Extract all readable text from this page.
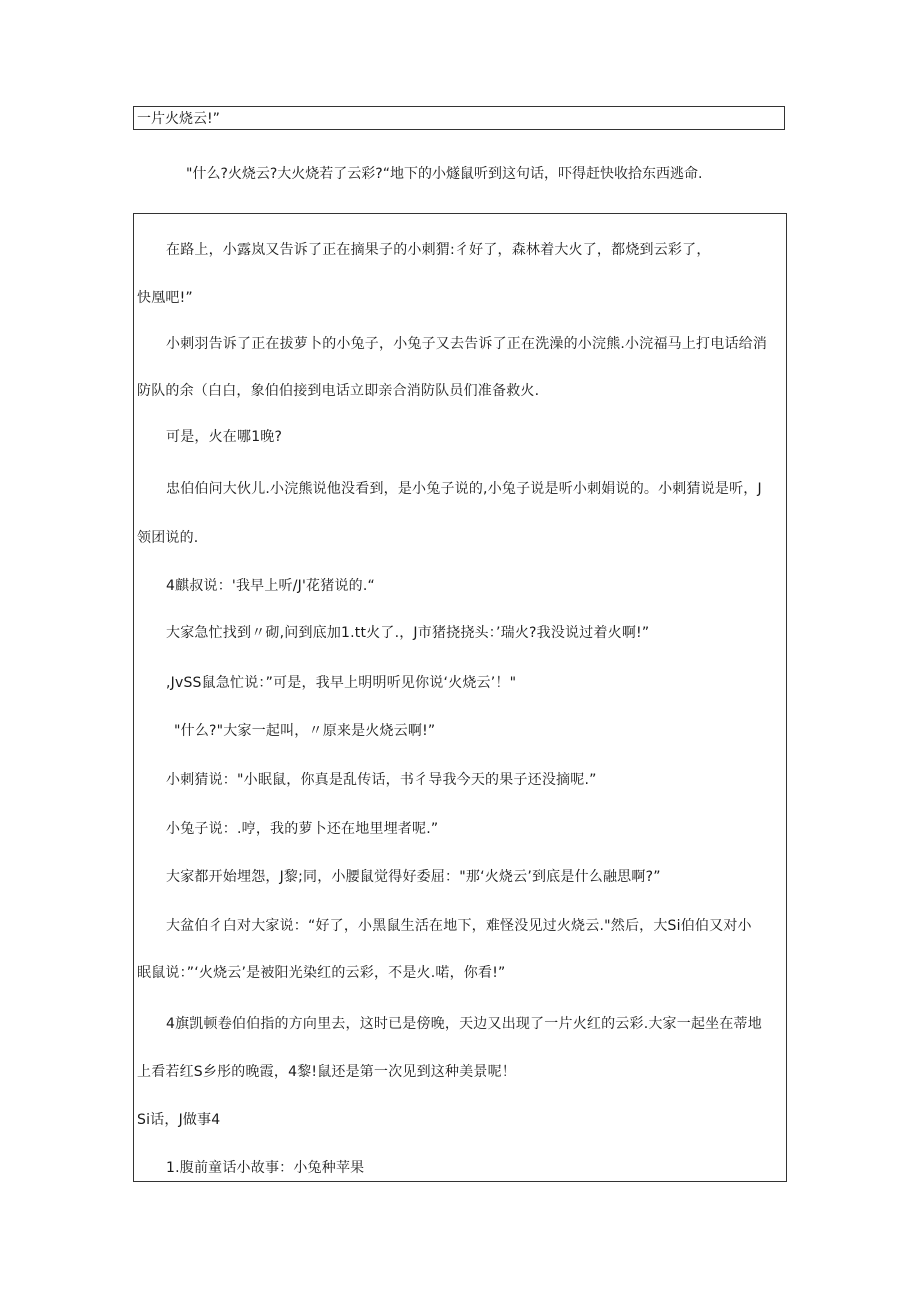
一片火烧云!”
"什么?火烧云?大火烧若了云彩?“地下的小燧鼠听到这句话，吓得赶快收拾东西逃命.
在路上，小露岚又告诉了正在摘果子的小刺猬:彳好了，森林着大火了，都烧到云彩了，
快凰吧!”
小刺羽告诉了正在拔萝卜的小兔子，小兔子又去告诉了正在洗澡的小浣熊.小浣福马上打电话给消
防队的余（白白，象伯伯接到电话立即亲合消防队员们准备救火.
可是，火在哪1晚?
忠伯伯问大伙儿.小浣熊说他没看到，是小兔子说的,小兔子说是听小刺娟说的。小刺猜说是听，J
领团说的.
4麒叔说：'我早上听/J'花猪说的.“
大家急忙找到〃砌,问到底加1.tt火了.，J市猪挠挠头：’瑞火?我没说过着火啊!”
,JvSS鼠急忙说：”可是，我早上明明听见你说‘火烧云’！"
"什么?"大家一起叫，〃原来是火烧云啊!”
小刺猜说："小眠鼠，你真是乱传话，书彳导我今天的果子还没摘呢.”
小兔子说：.哼，我的萝卜还在地里埋者呢.”
大家都开始埋怨，J黎;同，小腰鼠觉得好委屈："那‘火烧云’到底是什么融思啊?”
大盆伯彳白对大家说：“好了，小黑鼠生活在地下，难怪没见过火烧云."然后，大Si伯伯又对小
眠鼠说：”‘火烧云’是被阳光染红的云彩，不是火.喏，你看!”
4旗凯顿卷伯伯指的方向里去，这时已是傍晚，天边又出现了一片火红的云彩.大家一起坐在蒂地
上看若红S乡彤的晚霞，4黎!鼠还是第一次见到这种美景呢！
Si话，J做事4
1.腹前童话小故事：小兔种苹果
